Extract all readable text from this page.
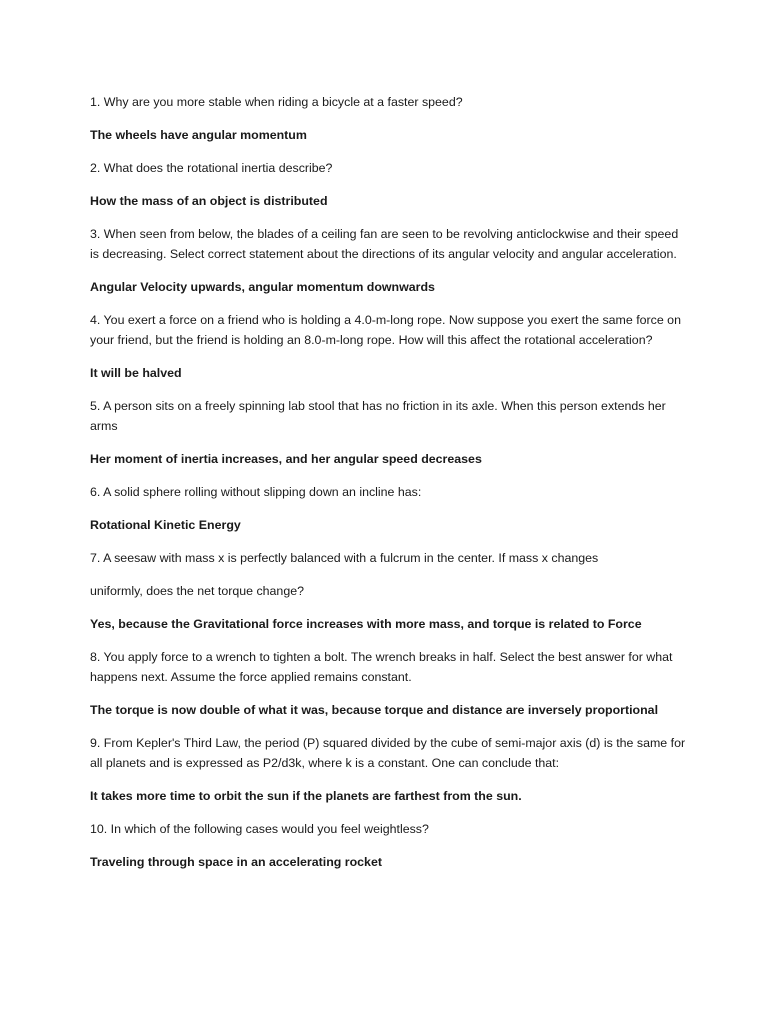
1. Why are you more stable when riding a bicycle at a faster speed?

The wheels have angular momentum

2. What does the rotational inertia describe?

How the mass of an object is distributed

3. When seen from below, the blades of a ceiling fan are seen to be revolving anticlockwise and their speed is decreasing. Select correct statement about the directions of its angular velocity and angular acceleration.

Angular Velocity upwards, angular momentum downwards

4. You exert a force on a friend who is holding a 4.0-m-long rope. Now suppose you exert the same force on your friend, but the friend is holding an 8.0-m-long rope. How will this affect the rotational acceleration?

It will be halved

5. A person sits on a freely spinning lab stool that has no friction in its axle. When this person extends her arms

Her moment of inertia increases, and her angular speed decreases

6. A solid sphere rolling without slipping down an incline has:

Rotational Kinetic Energy

7. A seesaw with mass x is perfectly balanced with a fulcrum in the center. If mass x changes

uniformly, does the net torque change?

Yes, because the Gravitational force increases with more mass, and torque is related to Force

8. You apply force to a wrench to tighten a bolt. The wrench breaks in half. Select the best answer for what happens next. Assume the force applied remains constant.

The torque is now double of what it was, because torque and distance are inversely proportional

9. From Kepler's Third Law, the period (P) squared divided by the cube of semi-major axis (d) is the same for all planets and is expressed as P2/d3k, where k is a constant. One can conclude that:

It takes more time to orbit the sun if the planets are farthest from the sun.

10. In which of the following cases would you feel weightless?

Traveling through space in an accelerating rocket
